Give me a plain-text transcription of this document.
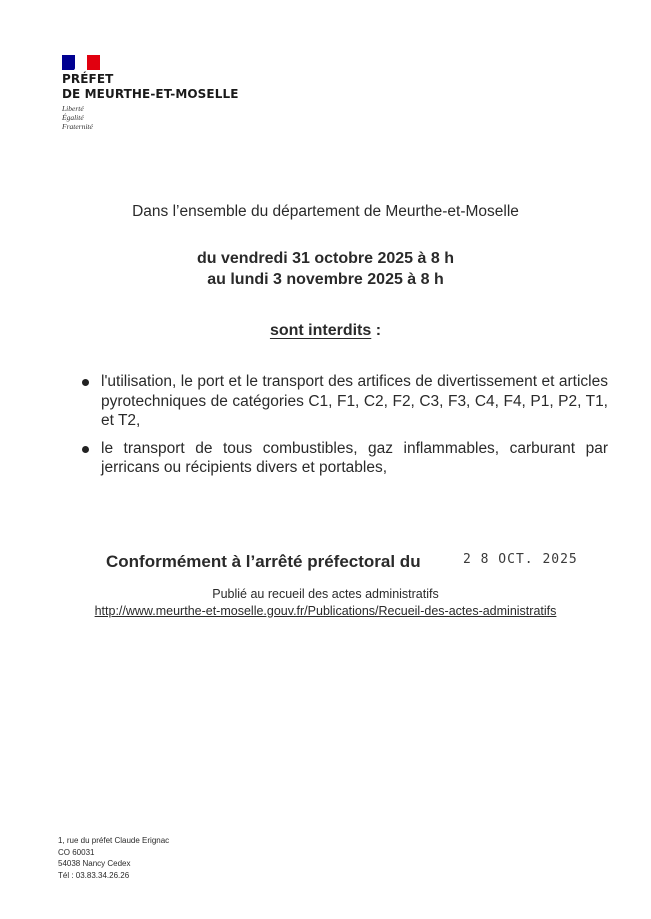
PRÉFET
DE MEURTHE-ET-MOSELLE
Liberté
Égalité
Fraternité
Dans l’ensemble du département de Meurthe-et-Moselle
du vendredi 31 octobre 2025 à 8 h
au lundi 3 novembre 2025 à 8 h
sont interdits :
l'utilisation, le port et le transport des artifices de divertissement et articles pyrotechniques de catégories C1, F1, C2, F2, C3, F3, C4, F4, P1, P2, T1, et T2,
le transport de tous combustibles, gaz inflammables, carburant par jerricans ou récipients divers et portables,
Conformément à l’arrêté préfectoral du	2 8 OCT. 2025
Publié au recueil des actes administratifs
http://www.meurthe-et-moselle.gouv.fr/Publications/Recueil-des-actes-administratifs
1, rue du préfet Claude Erignac
CO 60031
54038 Nancy Cedex
Tél : 03.83.34.26.26
